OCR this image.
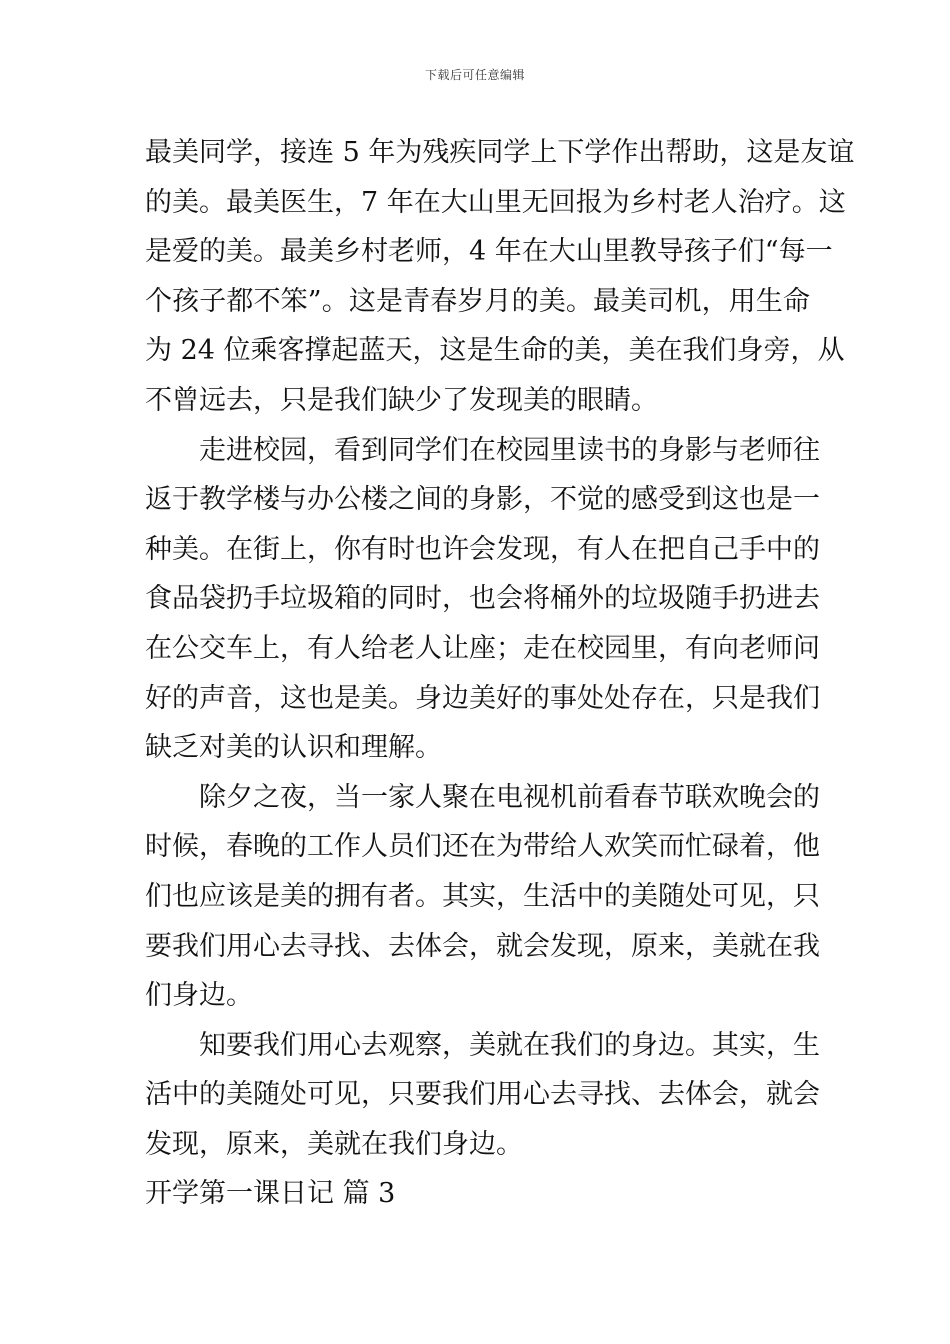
下载后可任意编辑
最美同学，接连 5 年为残疾同学上下学作出帮助，这是友谊
的美。最美医生，7 年在大山里无回报为乡村老人治疗。这
是爱的美。最美乡村老师，4 年在大山里教导孩子们“每一
个孩子都不笨”。这是青春岁月的美。最美司机，用生命
为 24 位乘客撑起蓝天，这是生命的美，美在我们身旁，从
不曾远去，只是我们缺少了发现美的眼睛。
走进校园，看到同学们在校园里读书的身影与老师往
返于教学楼与办公楼之间的身影，不觉的感受到这也是一
种美。在街上，你有时也许会发现，有人在把自己手中的
食品袋扔手垃圾箱的同时，也会将桶外的垃圾随手扔进去
在公交车上，有人给老人让座；走在校园里，有向老师问
好的声音，这也是美。身边美好的事处处存在，只是我们
缺乏对美的认识和理解。
除夕之夜，当一家人聚在电视机前看春节联欢晚会的
时候，春晚的工作人员们还在为带给人欢笑而忙碌着，他
们也应该是美的拥有者。其实，生活中的美随处可见，只
要我们用心去寻找、去体会，就会发现，原来，美就在我
们身边。
知要我们用心去观察，美就在我们的身边。其实，生
活中的美随处可见，只要我们用心去寻找、去体会，就会
发现，原来，美就在我们身边。
开学第一课日记 篇 3
